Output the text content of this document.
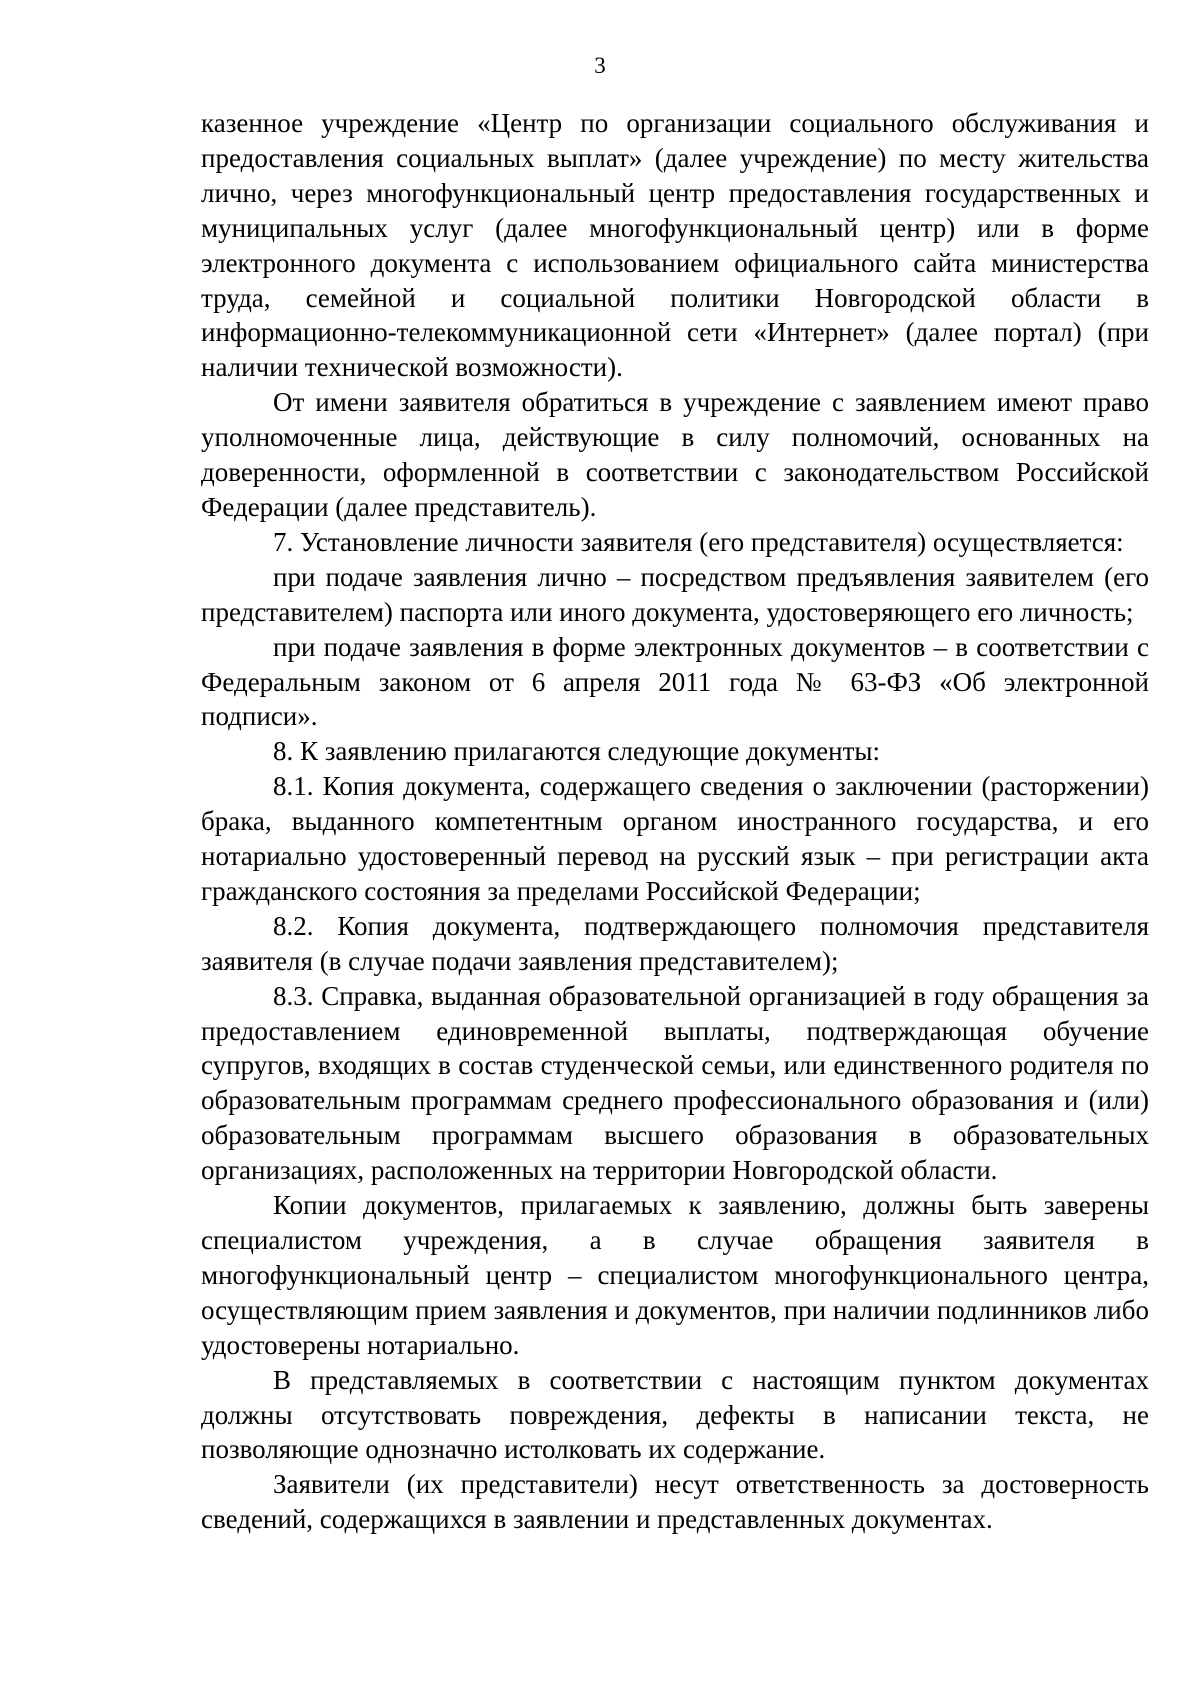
3

казенное учреждение «Центр по организации социального обслуживания и предоставления социальных выплат» (далее учреждение) по месту жительства лично, через многофункциональный центр предоставления государственных и муниципальных услуг (далее многофункциональный центр) или в форме электронного документа с использованием официального сайта министерства труда, семейной и социальной политики Новгородской области в информационно-телекоммуникационной сети «Интернет» (далее портал) (при наличии технической возможности).

От имени заявителя обратиться в учреждение с заявлением имеют право уполномоченные лица, действующие в силу полномочий, основанных на доверенности, оформленной в соответствии с законодательством Российской Федерации (далее представитель).

7. Установление личности заявителя (его представителя) осуществляется:

при подаче заявления лично – посредством предъявления заявителем (его представителем) паспорта или иного документа, удостоверяющего его личность;

при подаче заявления в форме электронных документов – в соответствии с Федеральным законом от 6 апреля 2011 года № 63-ФЗ «Об электронной подписи».

8. К заявлению прилагаются следующие документы:

8.1. Копия документа, содержащего сведения о заключении (расторжении) брака, выданного компетентным органом иностранного государства, и его нотариально удостоверенный перевод на русский язык – при регистрации акта гражданского состояния за пределами Российской Федерации;

8.2. Копия документа, подтверждающего полномочия представителя заявителя (в случае подачи заявления представителем);

8.3. Справка, выданная образовательной организацией в году обращения за предоставлением единовременной выплаты, подтверждающая обучение супругов, входящих в состав студенческой семьи, или единственного родителя по образовательным программам среднего профессионального образования и (или) образовательным программам высшего образования в образовательных организациях, расположенных на территории Новгородской области.

Копии документов, прилагаемых к заявлению, должны быть заверены специалистом учреждения, а в случае обращения заявителя в многофункциональный центр – специалистом многофункционального центра, осуществляющим прием заявления и документов, при наличии подлинников либо удостоверены нотариально.

В представляемых в соответствии с настоящим пунктом документах должны отсутствовать повреждения, дефекты в написании текста, не позволяющие однозначно истолковать их содержание.

Заявители (их представители) несут ответственность за достоверность сведений, содержащихся в заявлении и представленных документах.
